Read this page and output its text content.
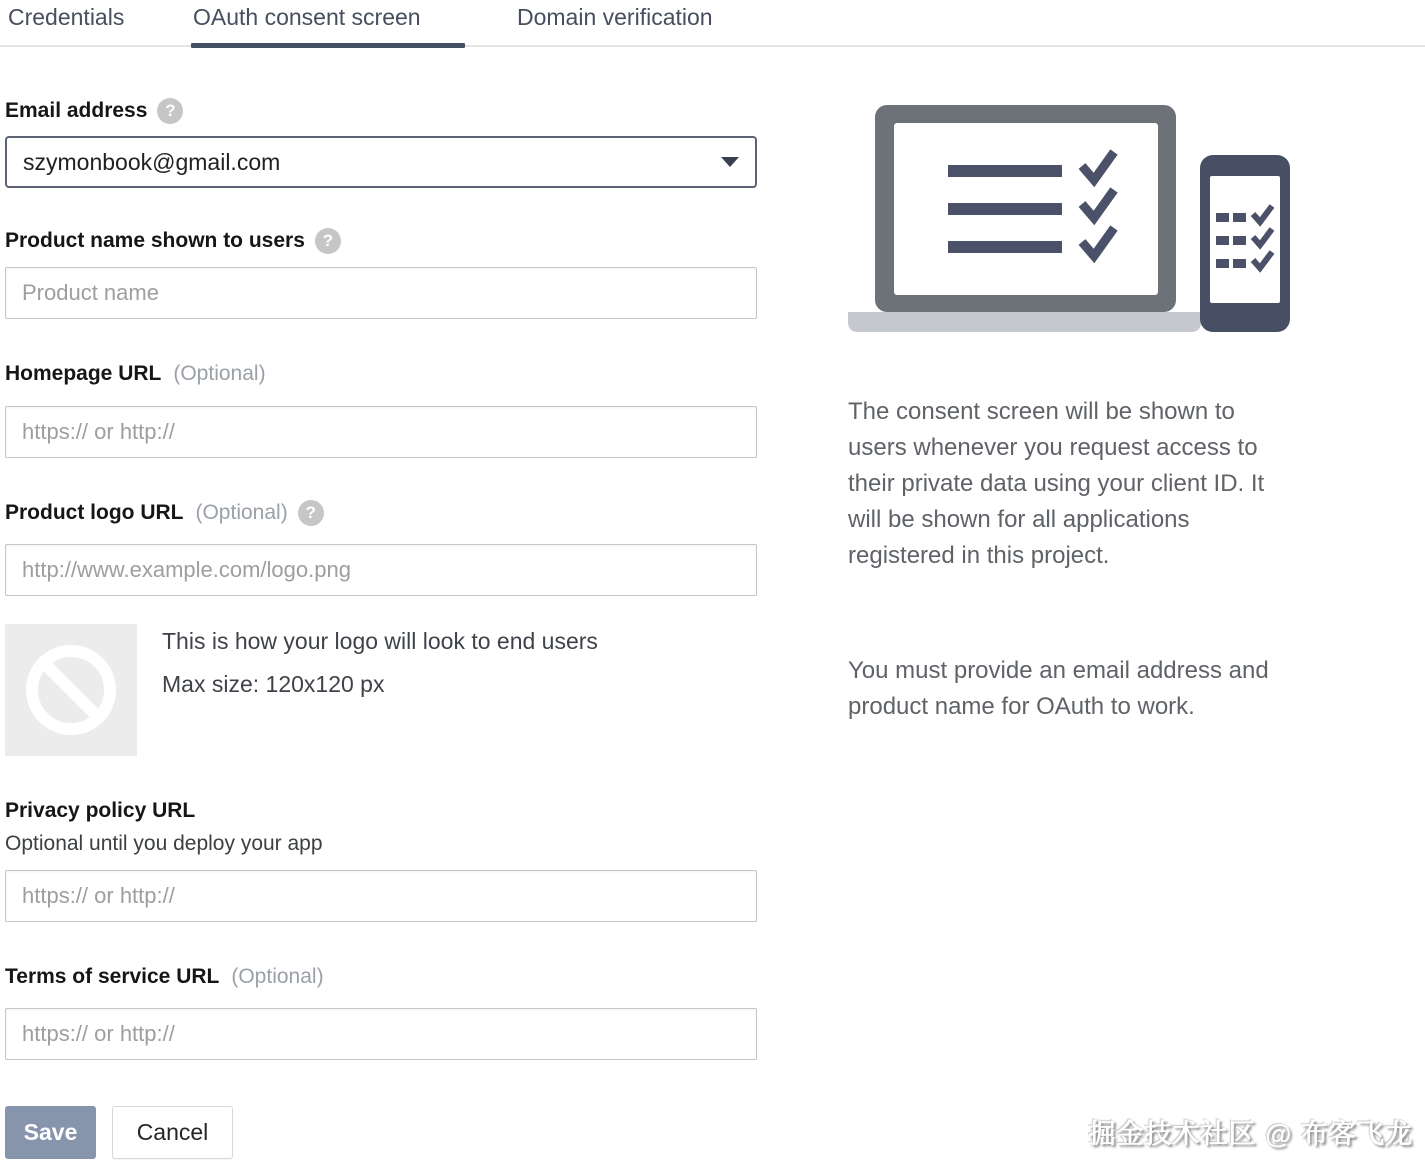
Credentials	OAuth consent screen	Domain verification
Email address	?
szymonbook@gmail.com
Product name shown to users	?
Product name
Homepage URL (Optional)
https:// or http://
Product logo URL (Optional)	?
http://www.example.com/logo.png
This is how your logo will look to end users
Max size: 120x120 px
Privacy policy URL
Optional until you deploy your app
https:// or http://
Terms of service URL (Optional)
https:// or http://
Save	Cancel

The consent screen will be shown to users whenever you request access to their private data using your client ID. It will be shown for all applications registered in this project.

You must provide an email address and product name for OAuth to work.

掘金技术社区 @ 布客飞龙
